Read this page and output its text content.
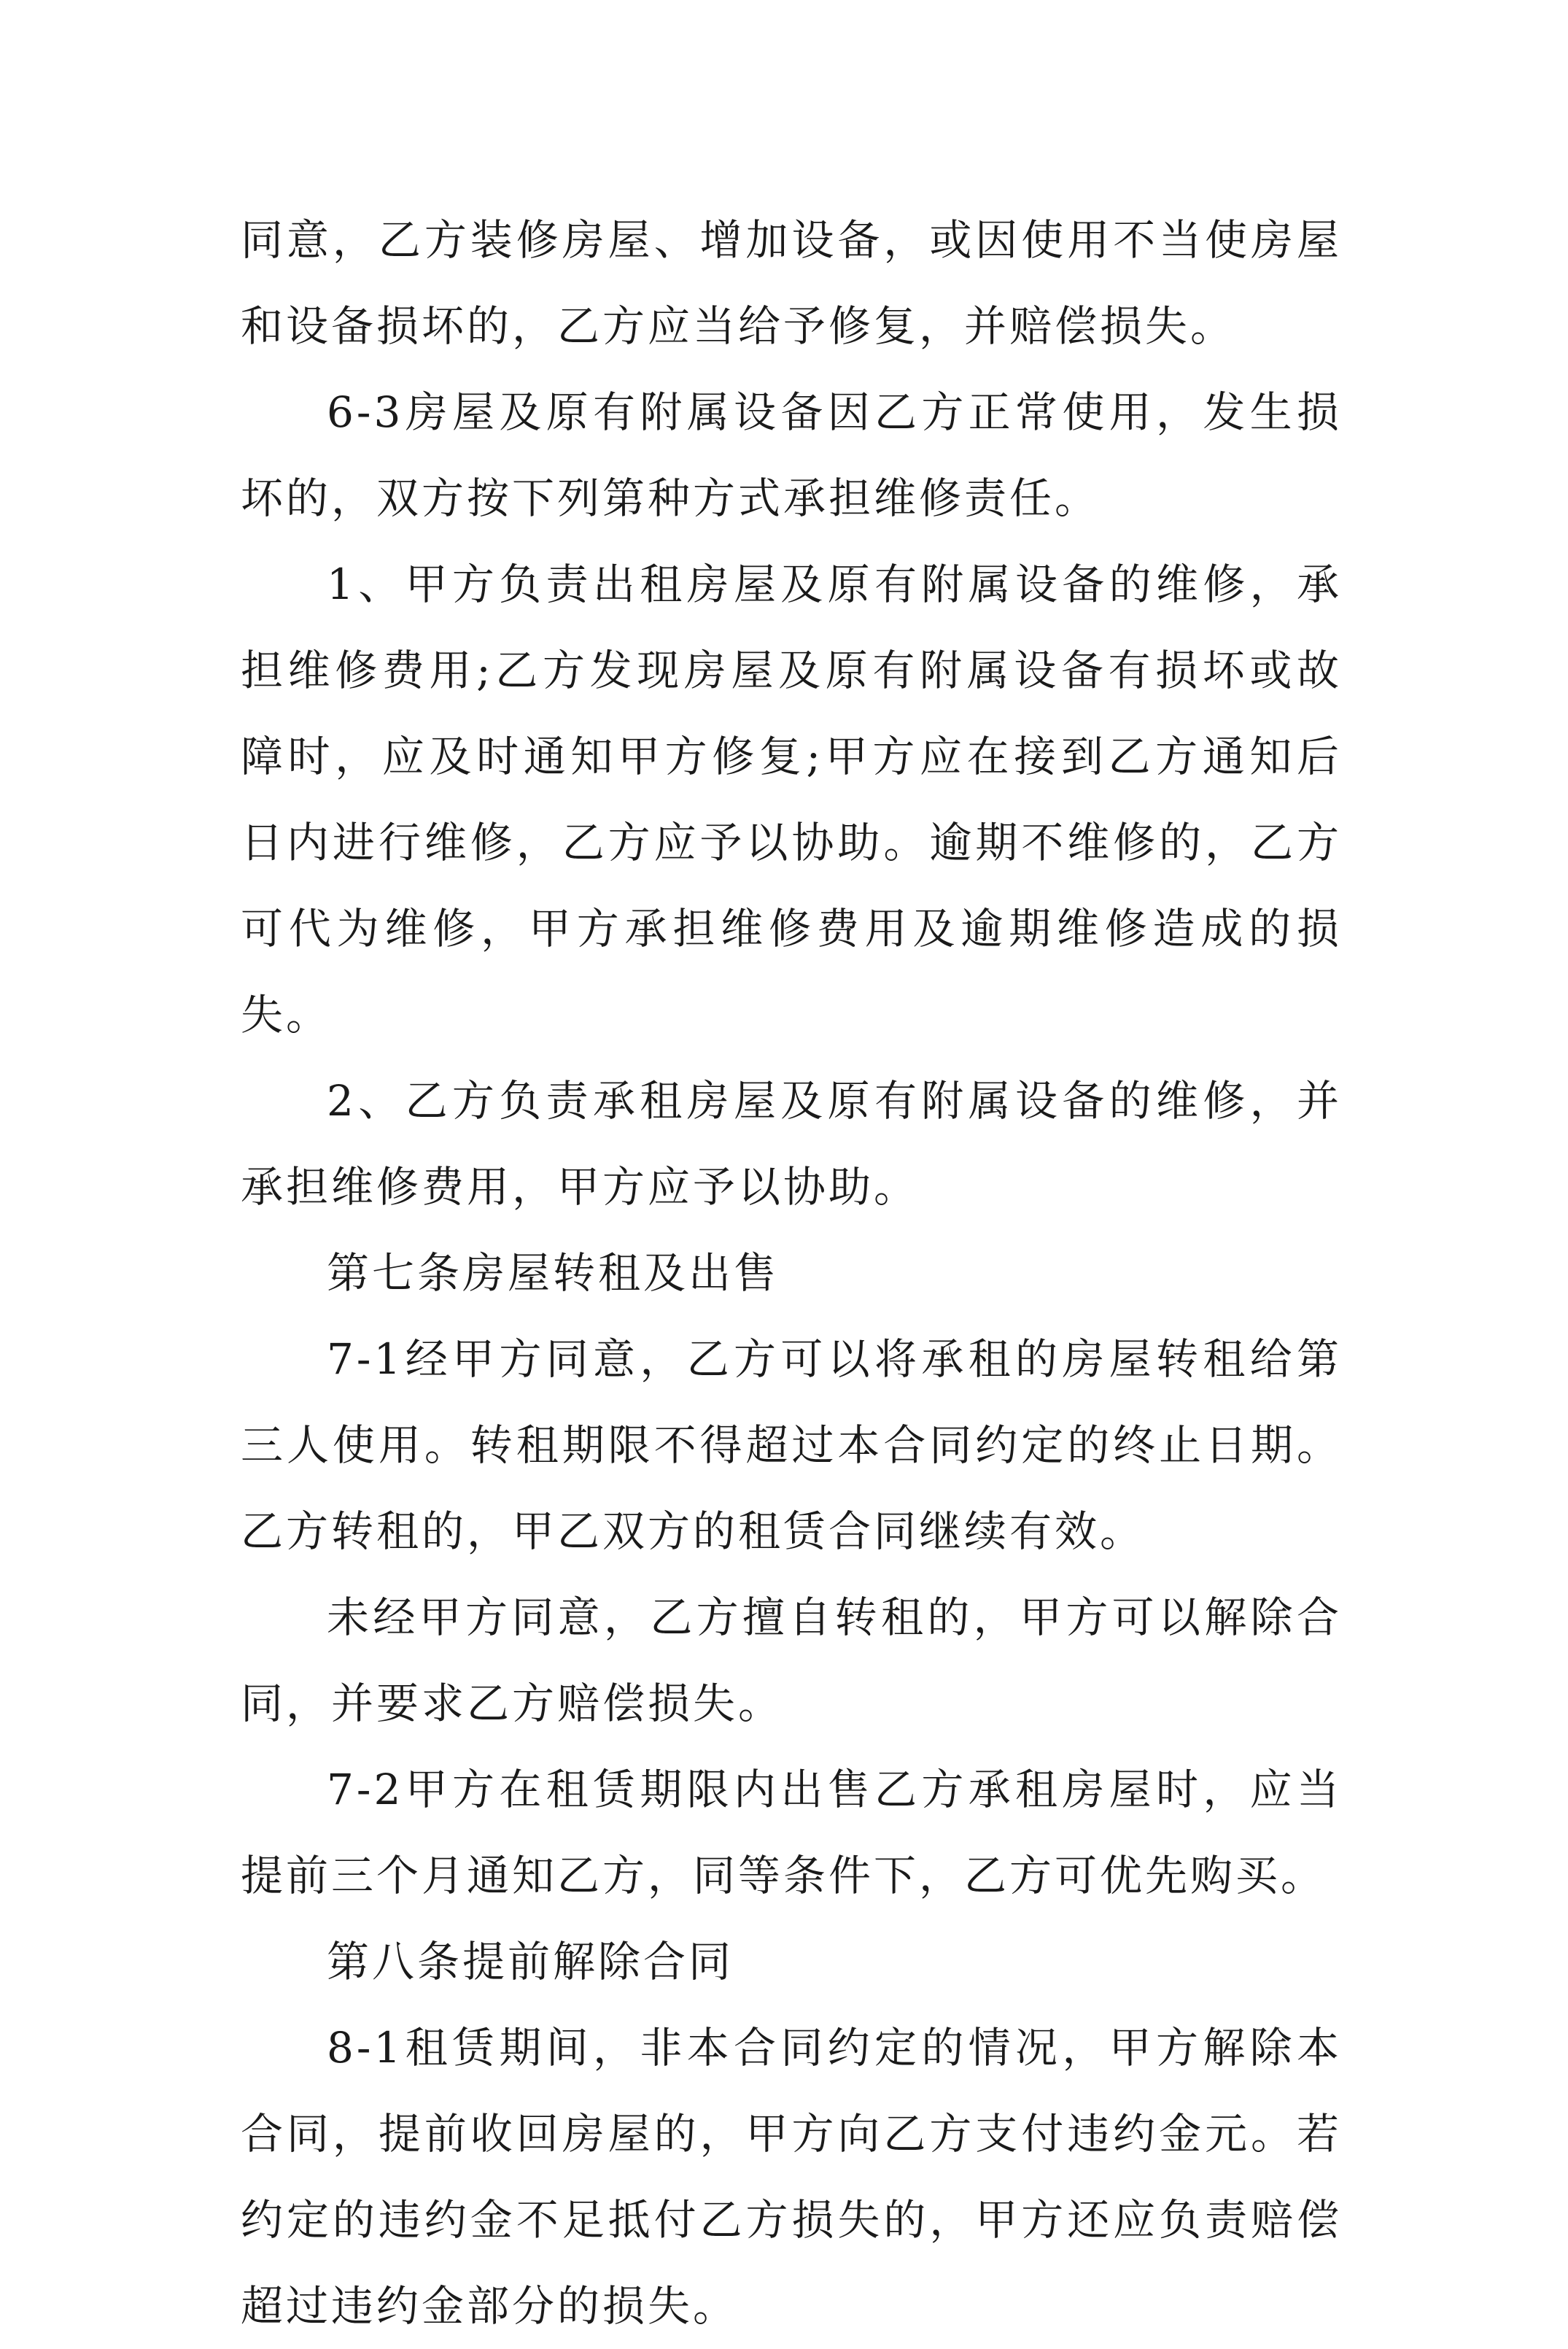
同意，乙方装修房屋、增加设备，或因使用不当使房屋和设备损坏的，乙方应当给予修复，并赔偿损失。

6-3房屋及原有附属设备因乙方正常使用，发生损坏的，双方按下列第种方式承担维修责任。

1、甲方负责出租房屋及原有附属设备的维修，承担维修费用;乙方发现房屋及原有附属设备有损坏或故障时，应及时通知甲方修复;甲方应在接到乙方通知后日内进行维修，乙方应予以协助。逾期不维修的，乙方可代为维修，甲方承担维修费用及逾期维修造成的损失。

2、乙方负责承租房屋及原有附属设备的维修，并承担维修费用，甲方应予以协助。

第七条房屋转租及出售

7-1经甲方同意，乙方可以将承租的房屋转租给第三人使用。转租期限不得超过本合同约定的终止日期。乙方转租的，甲乙双方的租赁合同继续有效。

未经甲方同意，乙方擅自转租的，甲方可以解除合同，并要求乙方赔偿损失。

7-2甲方在租赁期限内出售乙方承租房屋时，应当提前三个月通知乙方，同等条件下，乙方可优先购买。

第八条提前解除合同

8-1租赁期间，非本合同约定的情况，甲方解除本合同，提前收回房屋的，甲方向乙方支付违约金元。若约定的违约金不足抵付乙方损失的，甲方还应负责赔偿超过违约金部分的损失。
